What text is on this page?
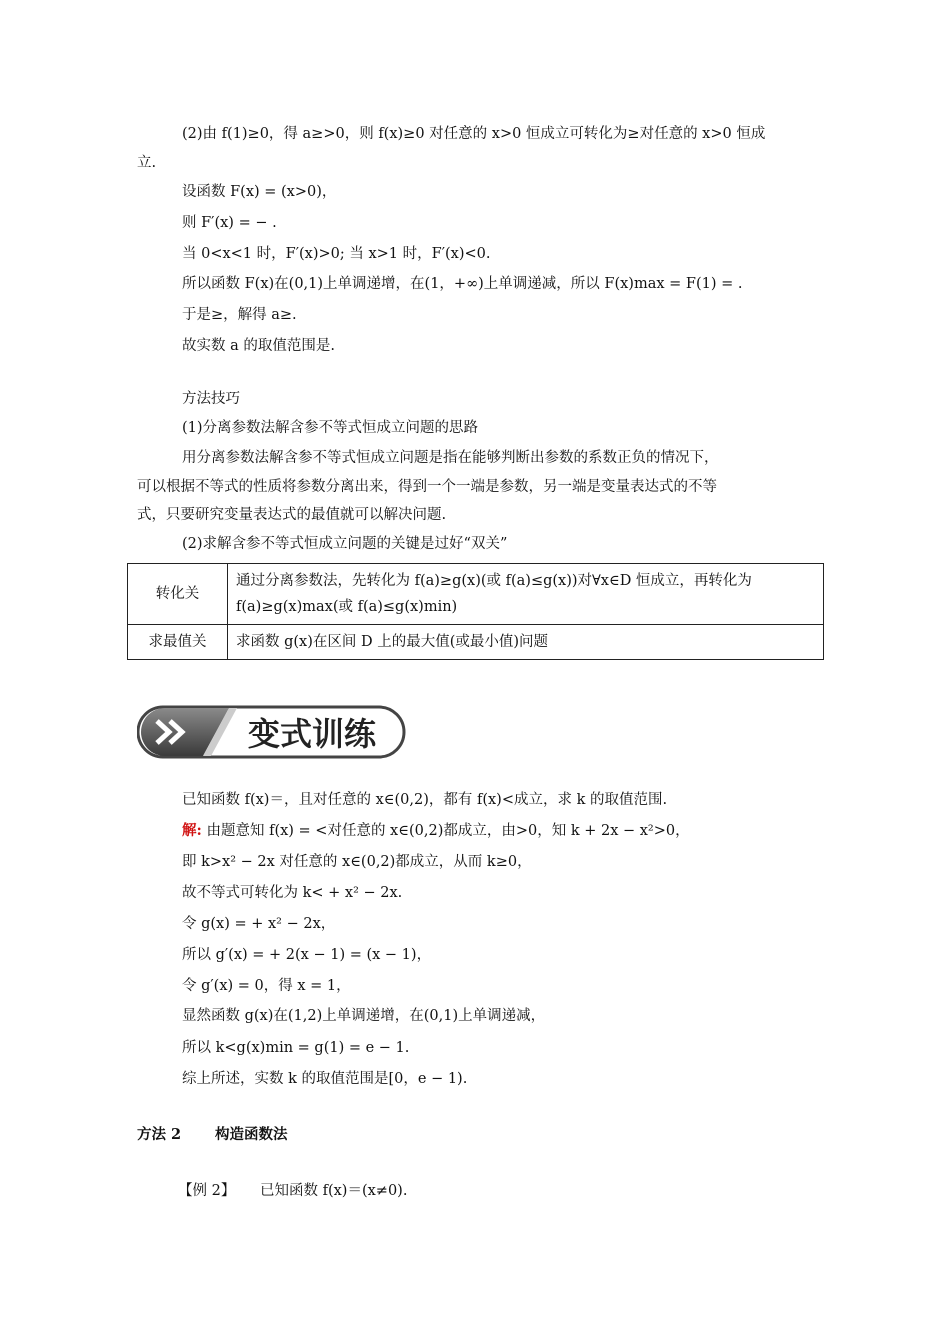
(2)由 f(1)≥0，得 a≥>0，则 f(x)≥0 对任意的 x>0 恒成立可转化为≥对任意的 x>0 恒成
立.
设函数 F(x) = (x>0)，
则 F′(x) = − .
当 0<x<1 时，F′(x)>0; 当 x>1 时，F′(x)<0.
所以函数 F(x)在(0,1)上单调递增，在(1，+∞)上单调递减，所以 F(x)max = F(1) = .
于是≥，解得 a≥.
故实数 a 的取值范围是.
方法技巧
(1)分离参数法解含参不等式恒成立问题的思路
用分离参数法解含参不等式恒成立问题是指在能够判断出参数的系数正负的情况下，
可以根据不等式的性质将参数分离出来，得到一个一端是参数，另一端是变量表达式的不等
式，只要研究变量表达式的最值就可以解决问题.
(2)求解含参不等式恒成立问题的关键是过好“双关”
转化关	通过分离参数法，先转化为 f(a)≥g(x)(或 f(a)≤g(x))对∀x∈D 恒成立，再转化为
f(a)≥g(x)max(或 f(a)≤g(x)min)

求最值关	求函数 g(x)在区间 D 上的最大值(或最小值)问题
变式训练
已知函数 f(x)＝，且对任意的 x∈(0,2)，都有 f(x)<成立，求 k 的取值范围.
解: 由题意知 f(x) = <对任意的 x∈(0,2)都成立，由>0，知 k + 2x − x²>0，
即 k>x² − 2x 对任意的 x∈(0,2)都成立，从而 k≥0，
故不等式可转化为 k< + x² − 2x.
令 g(x) = + x² − 2x，
所以 g′(x) = + 2(x − 1) = (x − 1)，
令 g′(x) = 0，得 x = 1，
显然函数 g(x)在(1,2)上单调递增，在(0,1)上单调递减，
所以 k<g(x)min = g(1) = e − 1.
综上所述，实数 k 的取值范围是[0，e − 1).
方法 2 构造函数法
【例 2】 已知函数 f(x)＝(x≠0).
